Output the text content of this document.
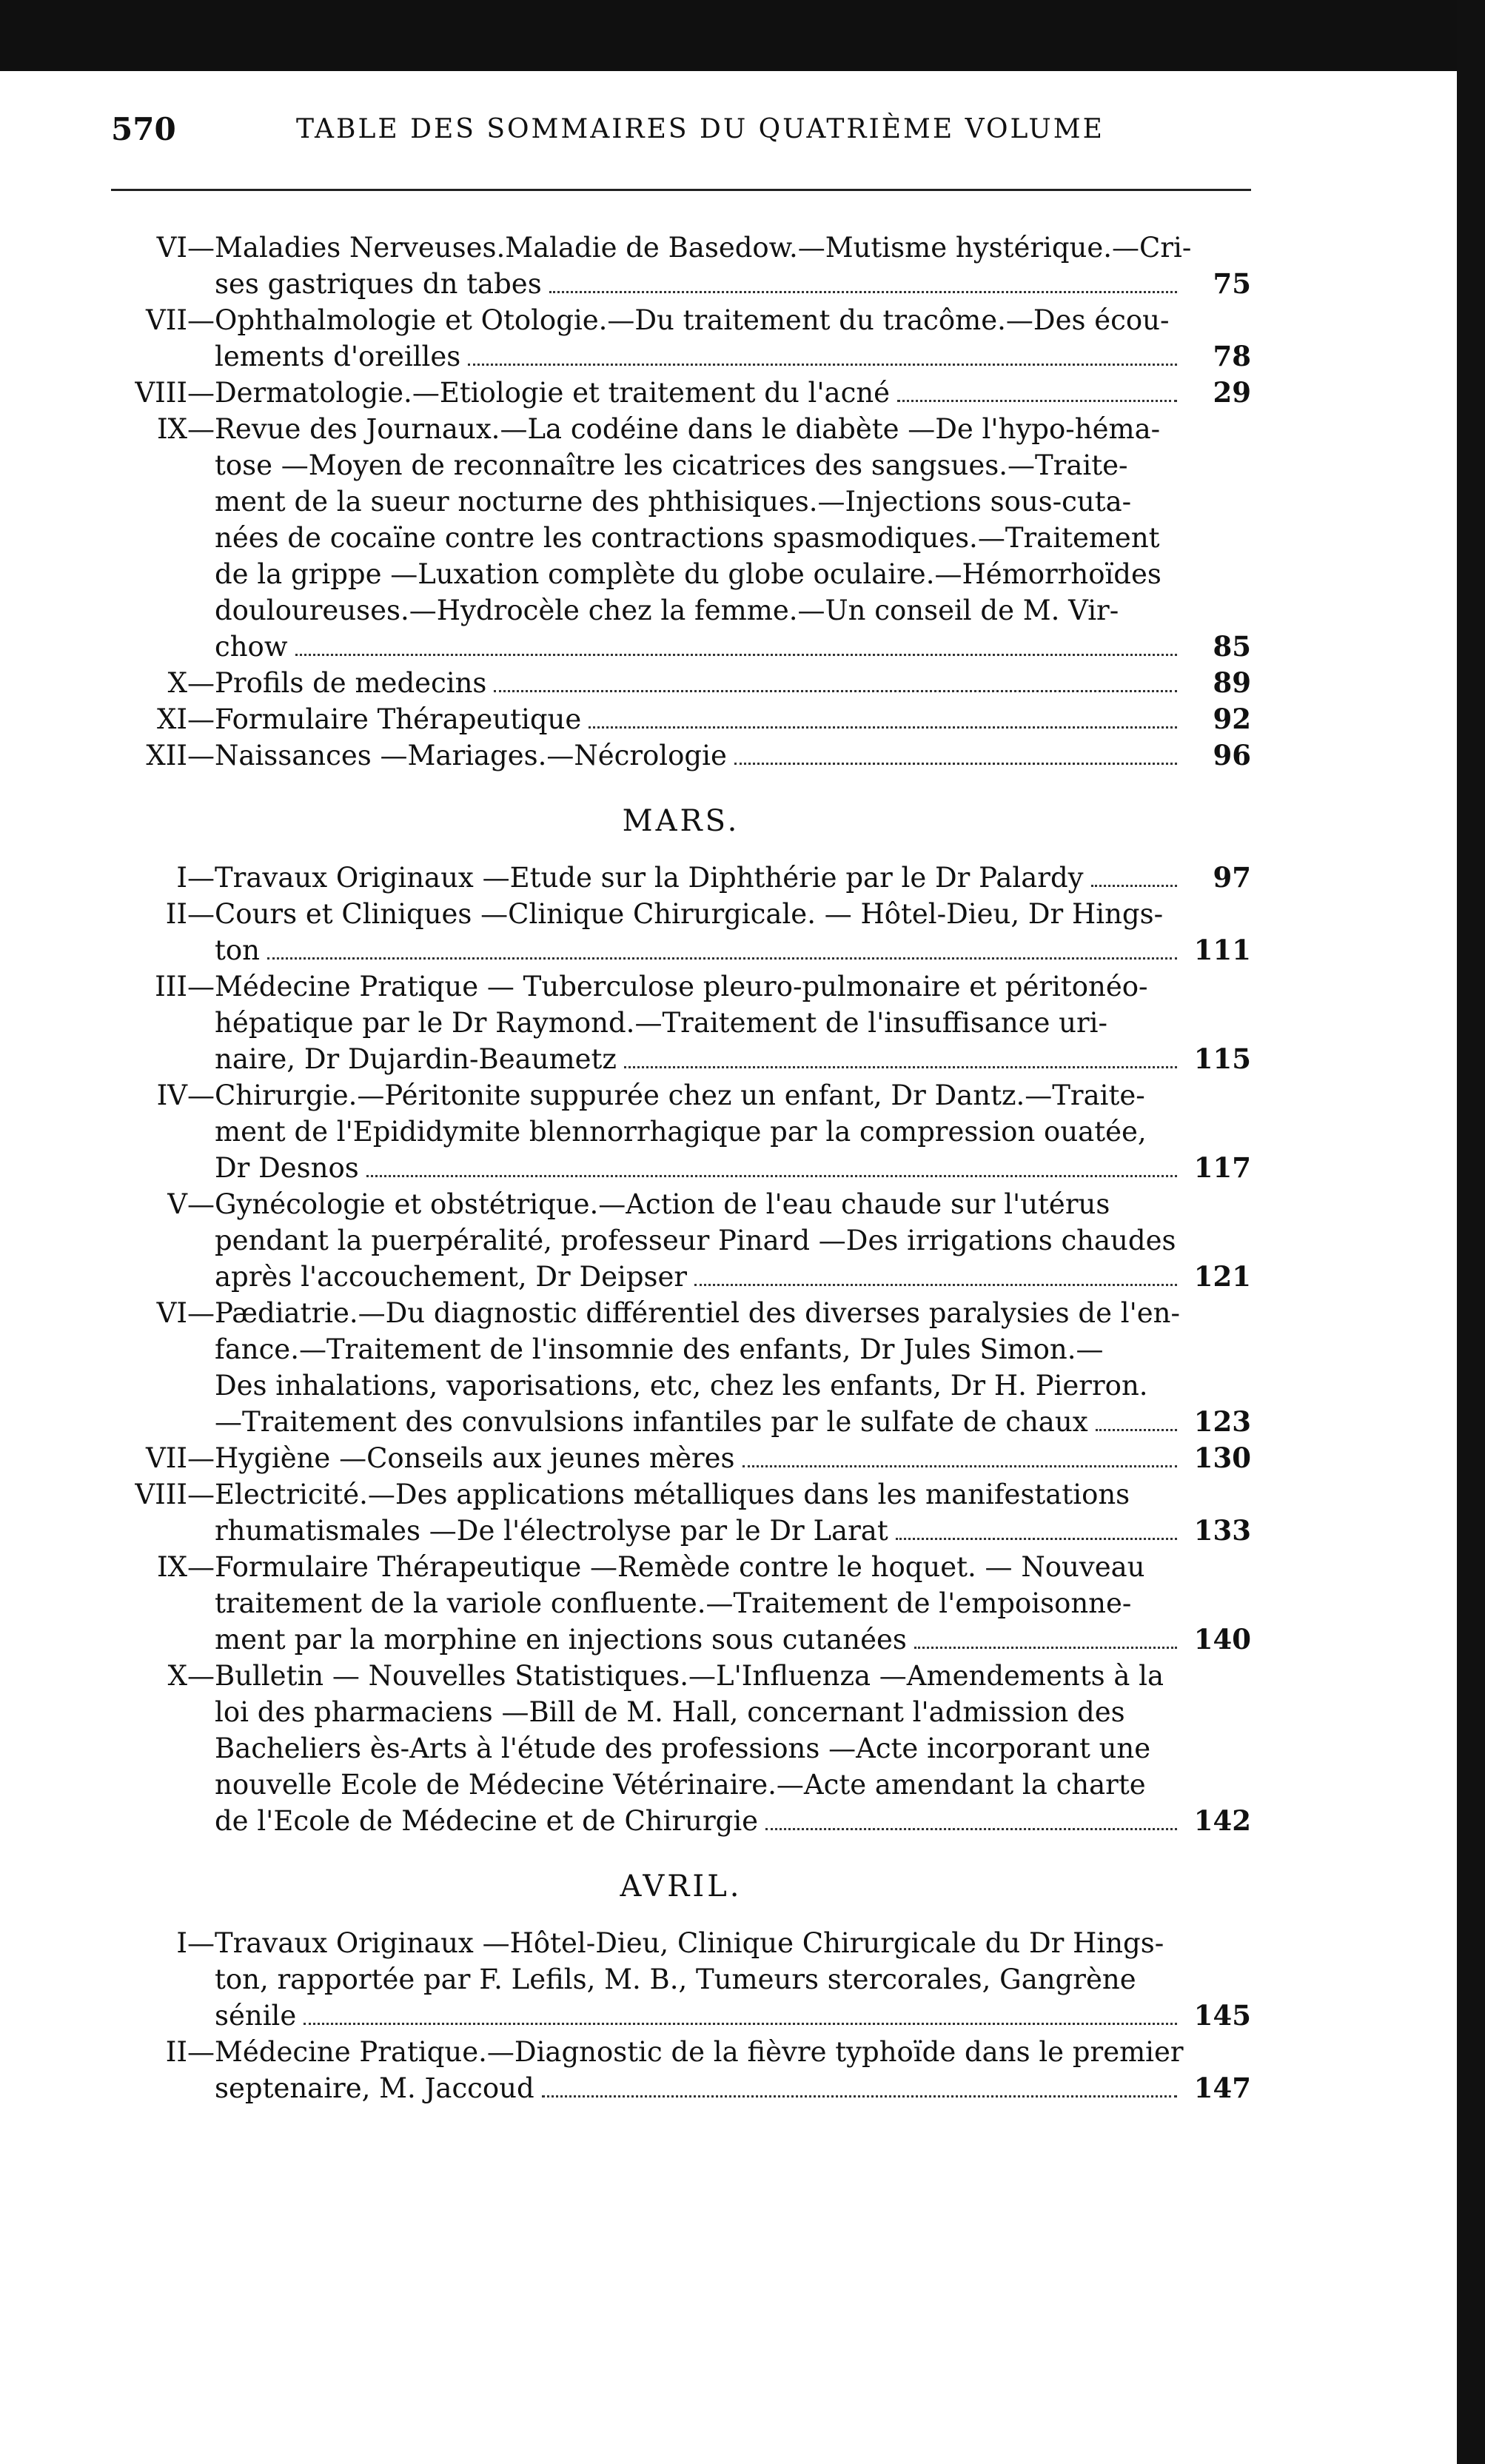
570	TABLE DES SOMMAIRES DU QUATRIÈME VOLUME
VI— Maladies Nerveuses.Maladie de Basedow.—Mutisme hystérique.—Cri-
ses gastriques dn tabes	75
VII— Ophthalmologie et Otologie.—Du traitement du tracôme.—Des écou-
lements d'oreilles	78
VIII— Dermatologie.—Etiologie et traitement du l'acné	29
IX— Revue des Journaux.—La codéine dans le diabète —De l'hypo-héma-
tose —Moyen de reconnaître les cicatrices des sangsues.—Traite-
ment de la sueur nocturne des phthisiques.—Injections sous-cuta-
nées de cocaïne contre les contractions spasmodiques.—Traitement
de la grippe —Luxation complète du globe oculaire.—Hémorrhoïdes
douloureuses.—Hydrocèle chez la femme.—Un conseil de M. Vir-
chow	85
X— Profils de medecins	89
XI— Formulaire Thérapeutique	92
XII— Naissances —Mariages.—Nécrologie	96
MARS.
I— Travaux Originaux —Etude sur la Diphthérie par le Dr Palardy	97
II— Cours et Cliniques —Clinique Chirurgicale. — Hôtel-Dieu, Dr Hings-
ton	111
III— Médecine Pratique — Tuberculose pleuro-pulmonaire et péritonéo-
hépatique par le Dr Raymond.—Traitement de l'insuffisance uri-
naire, Dr Dujardin-Beaumetz	115
IV— Chirurgie.—Péritonite suppurée chez un enfant, Dr Dantz.—Traite-
ment de l'Epididymite blennorrhagique par la compression ouatée,
Dr Desnos	117
V— Gynécologie et obstétrique.—Action de l'eau chaude sur l'utérus
pendant la puerpéralité, professeur Pinard —Des irrigations chaudes
après l'accouchement, Dr Deipser	121
VI— Pædiatrie.—Du diagnostic différentiel des diverses paralysies de l'en-
fance.—Traitement de l'insomnie des enfants, Dr Jules Simon.—
Des inhalations, vaporisations, etc, chez les enfants, Dr H. Pierron.
—Traitement des convulsions infantiles par le sulfate de chaux	123
VII— Hygiène —Conseils aux jeunes mères	130
VIII— Electricité.—Des applications métalliques dans les manifestations
rhumatismales —De l'électrolyse par le Dr Larat	133
IX— Formulaire Thérapeutique —Remède contre le hoquet. — Nouveau
traitement de la variole confluente.—Traitement de l'empoisonne-
ment par la morphine en injections sous cutanées	140
X— Bulletin — Nouvelles Statistiques.—L'Influenza —Amendements à la
loi des pharmaciens —Bill de M. Hall, concernant l'admission des
Bacheliers ès-Arts à l'étude des professions —Acte incorporant une
nouvelle Ecole de Médecine Vétérinaire.—Acte amendant la charte
de l'Ecole de Médecine et de Chirurgie	142
AVRIL.
I— Travaux Originaux —Hôtel-Dieu, Clinique Chirurgicale du Dr Hings-
ton, rapportée par F. Lefils, M. B., Tumeurs stercorales, Gangrène
sénile	145
II— Médecine Pratique.—Diagnostic de la fièvre typhoïde dans le premier
septenaire, M. Jaccoud	147
